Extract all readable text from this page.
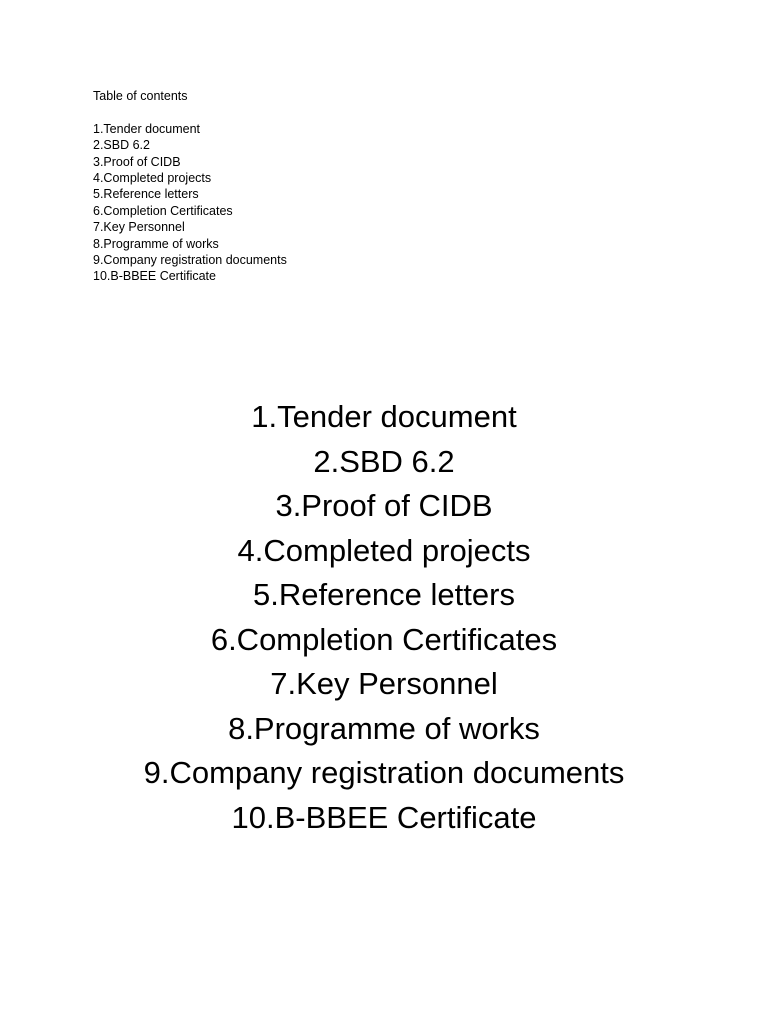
Table of contents
1.Tender document
2.SBD 6.2
3.Proof of CIDB
4.Completed projects
5.Reference letters
6.Completion Certificates
7.Key Personnel
8.Programme of works
9.Company registration documents
10.B-BBEE Certificate
1.Tender document
2.SBD 6.2
3.Proof of CIDB
4.Completed projects
5.Reference letters
6.Completion Certificates
7.Key Personnel
8.Programme of works
9.Company registration documents
10.B-BBEE Certificate
